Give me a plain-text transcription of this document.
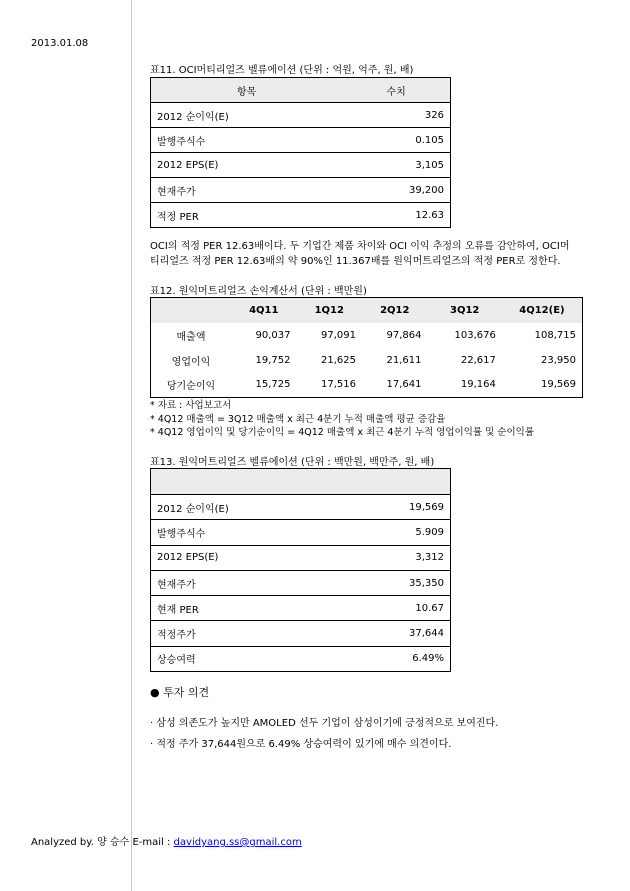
2013.01.08
표11. OCI머티리얼즈 벨류에이션 (단위 : 억원, 억주, 원, 배)
항목	수치
2012 순이익(E)	326
발행주식수	0.105
2012 EPS(E)	3,105
현재주가	39,200
적정 PER	12.63
OCI의 적정 PER 12.63배이다. 두 기업간 제품 차이와 OCI 이익 추정의 오류를 감안하여, OCI머
티리얼즈 적정 PER 12.63배의 약 90%인 11.367배를 원익머트리얼즈의 적정 PER로 정한다.
표12. 원익머트리얼즈 손익계산서 (단위 : 백만원)
	4Q11	1Q12	2Q12	3Q12	4Q12(E)
매출액	90,037	97,091	97,864	103,676	108,715
영업이익	19,752	21,625	21,611	22,617	23,950
당기순이익	15,725	17,516	17,641	19,164	19,569
* 자료 : 사업보고서
* 4Q12 매출액 = 3Q12 매출액 x 최근 4분기 누적 매출액 평균 증감율
* 4Q12 영업이익 및 당기순이익 = 4Q12 매출액 x 최근 4분기 누적 영업이익률 및 순이익률
표13. 원익머트리얼즈 벨류에이션 (단위 : 백만원, 백만주, 원, 배)

2012 순이익(E)	19,569
발행주식수	5.909
2012 EPS(E)	3,312
현재주가	35,350
현재 PER	10.67
적정주가	37,644
상승여력	6.49%
● 투자 의견
· 삼성 의존도가 높지만 AMOLED 선두 기업이 삼성이기에 긍정적으로 보여진다.
· 적정 주가 37,644원으로 6.49% 상승여력이 있기에 매수 의견이다.
Analyzed by. 양 승수 E-mail : davidyang.ss@gmail.com
